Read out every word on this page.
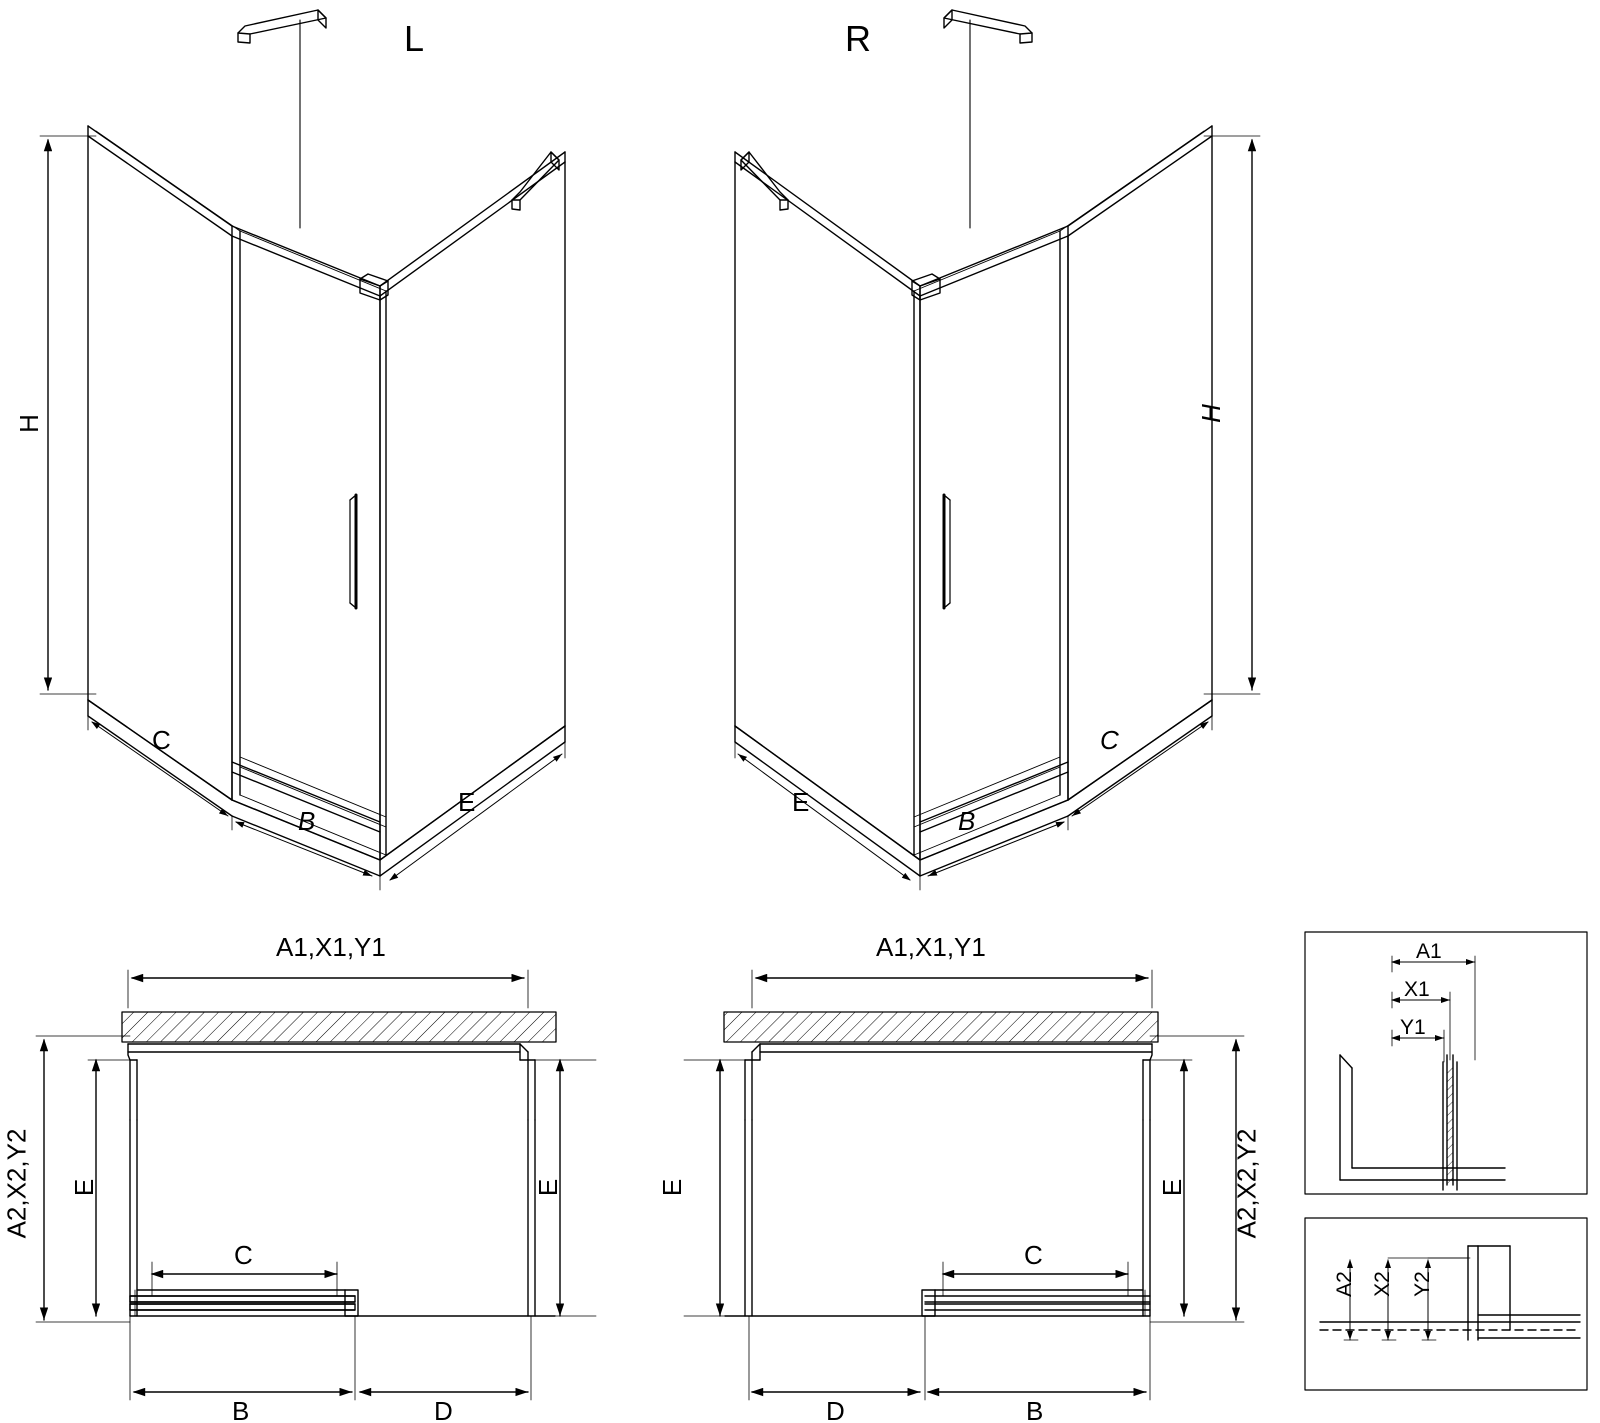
L	R
H
H
C
B
E
C
B
E
A1,X1,Y1	A1,X1,Y1
A2,X2,Y2	A2,X2,Y2
E	E	E	E
C	C
B	D	D	B
A1
X1
Y1
A2 X2 Y2
